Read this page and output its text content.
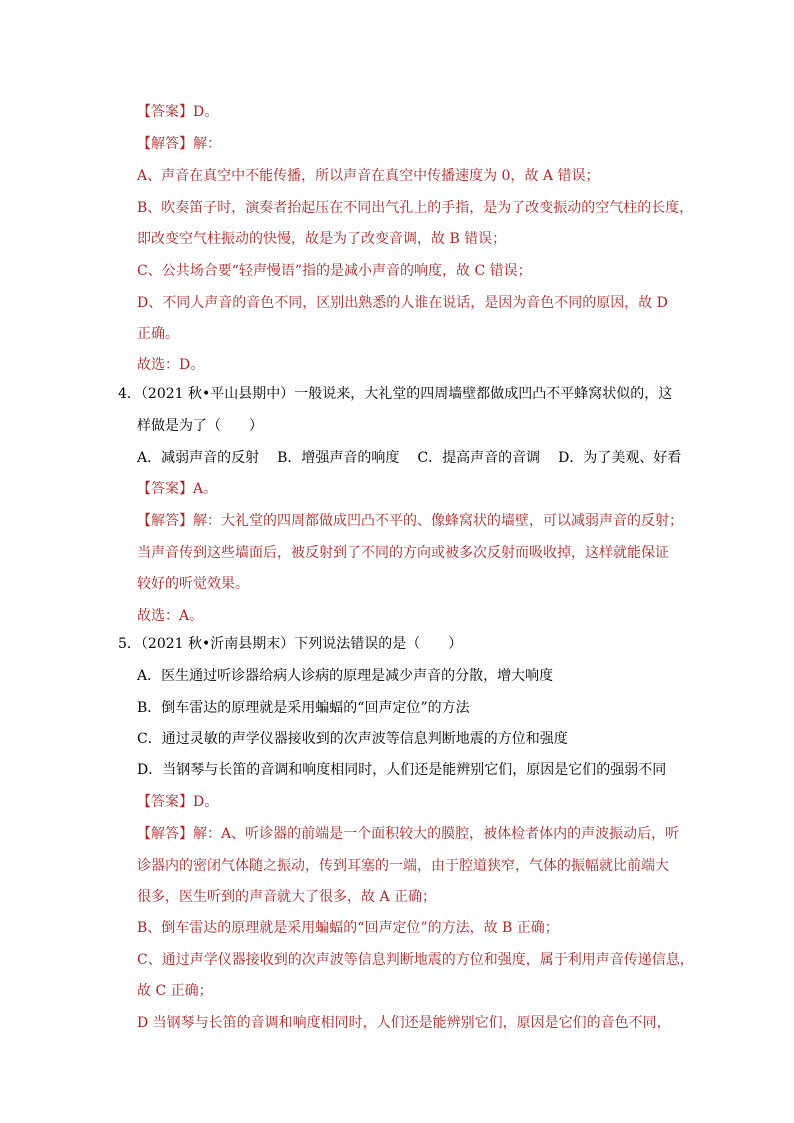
【答案】D。
【解答】解：
A、声音在真空中不能传播，所以声音在真空中传播速度为 0，故 A 错误；
B、吹奏笛子时，演奏者抬起压在不同出气孔上的手指，是为了改变振动的空气柱的长度，
即改变空气柱振动的快慢，故是为了改变音调，故 B 错误；
C、公共场合要“轻声慢语”指的是减小声音的响度，故 C 错误；
D、不同人声音的音色不同，区别出熟悉的人谁在说话，是因为音色不同的原因，故 D
正确。
故选：D。
4．（2021 秋•平山县期中）一般说来，大礼堂的四周墙壁都做成凹凸不平蜂窝状似的，这
样做是为了（　　）
A．减弱声音的反射 B．增强声音的响度 C．提高声音的音调 D．为了美观、好看
【答案】A。
【解答】解：大礼堂的四周都做成凹凸不平的、像蜂窝状的墙壁，可以减弱声音的反射；
当声音传到这些墙面后，被反射到了不同的方向或被多次反射而吸收掉，这样就能保证
较好的听觉效果。
故选：A。
5．（2021 秋•沂南县期末）下列说法错误的是（　　）
A．医生通过听诊器给病人诊病的原理是减少声音的分散，增大响度
B．倒车雷达的原理就是采用蝙蝠的“回声定位”的方法
C．通过灵敏的声学仪器接收到的次声波等信息判断地震的方位和强度
D．当钢琴与长笛的音调和响度相同时，人们还是能辨别它们，原因是它们的强弱不同
【答案】D。
【解答】解：A、听诊器的前端是一个面积较大的膜腔，被体检者体内的声波振动后，听
诊器内的密闭气体随之振动，传到耳塞的一端，由于腔道狭窄，气体的振幅就比前端大
很多，医生听到的声音就大了很多，故 A 正确；
B、倒车雷达的原理就是采用蝙蝠的“回声定位”的方法，故 B 正确；
C、通过声学仪器接收到的次声波等信息判断地震的方位和强度，属于利用声音传递信息，
故 C 正确；
D 当钢琴与长笛的音调和响度相同时，人们还是能辨别它们，原因是它们的音色不同，
